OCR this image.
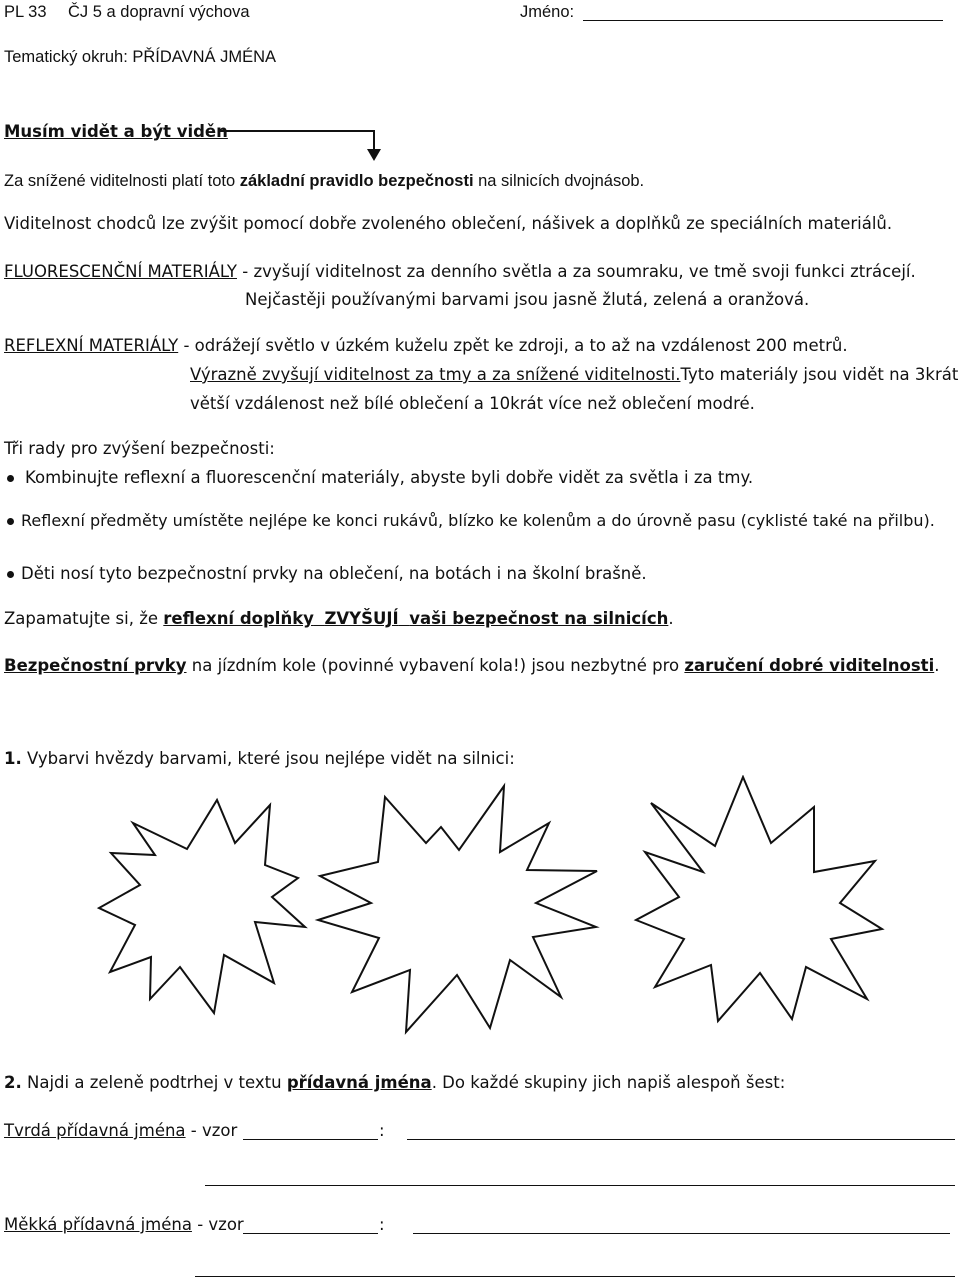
PL 33 ČJ 5 a dopravní výchova	Jméno:
Tematický okruh: PŘÍDAVNÁ JMÉNA
Musím vidět a být viděn
Za snížené viditelnosti platí toto základní pravidlo bezpečnosti na silnicích dvojnásob.
Viditelnost chodců lze zvýšit pomocí dobře zvoleného oblečení, nášivek a doplňků ze speciálních materiálů.
FLUORESCENČNÍ MATERIÁLY - zvyšují viditelnost za denního světla a za soumraku, ve tmě svoji funkci ztrácejí.
Nejčastěji používanými barvami jsou jasně žlutá, zelená a oranžová.
REFLEXNÍ MATERIÁLY - odrážejí světlo v úzkém kuželu zpět ke zdroji, a to až na vzdálenost 200 metrů.
Výrazně zvyšují viditelnost za tmy a za snížené viditelnosti.Tyto materiály jsou vidět na 3krát
větší vzdálenost než bílé oblečení a 10krát více než oblečení modré.
Tři rady pro zvýšení bezpečnosti:
Kombinujte reflexní a fluorescenční materiály, abyste byli dobře vidět za světla i za tmy.
Reflexní předměty umístěte nejlépe ke konci rukávů, blízko ke kolenům a do úrovně pasu (cyklisté také na přilbu).
Děti nosí tyto bezpečnostní prvky na oblečení, na botách i na školní brašně.
Zapamatujte si, že reflexní doplňky ZVYŠUJÍ vaši bezpečnost na silnicích.
Bezpečnostní prvky na jízdním kole (povinné vybavení kola!) jsou nezbytné pro zaručení dobré viditelnosti.
1. Vybarvi hvězdy barvami, které jsou nejlépe vidět na silnici:
2. Najdi a zeleně podtrhej v textu přídavná jména. Do každé skupiny jich napiš alespoň šest:
Tvrdá přídavná jména - vzor	:
Měkká přídavná jména - vzor	:
